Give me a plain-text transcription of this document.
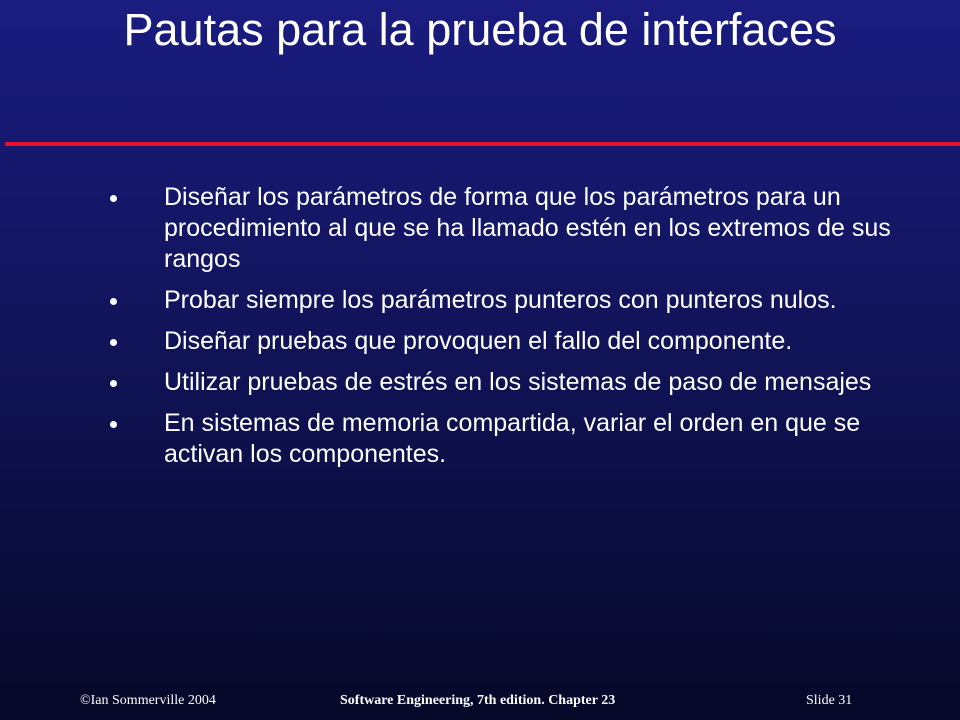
Pautas para la prueba de interfaces
Diseñar los parámetros de forma que los parámetros para un procedimiento al que se ha llamado estén en los extremos de sus rangos
Probar siempre los parámetros punteros con punteros nulos.
Diseñar pruebas que provoquen el fallo del componente.
Utilizar pruebas de estrés en los sistemas de paso de mensajes
En sistemas de memoria compartida, variar el orden en que se activan los componentes.
©Ian Sommerville 2004	Software Engineering, 7th edition. Chapter 23	Slide 31
